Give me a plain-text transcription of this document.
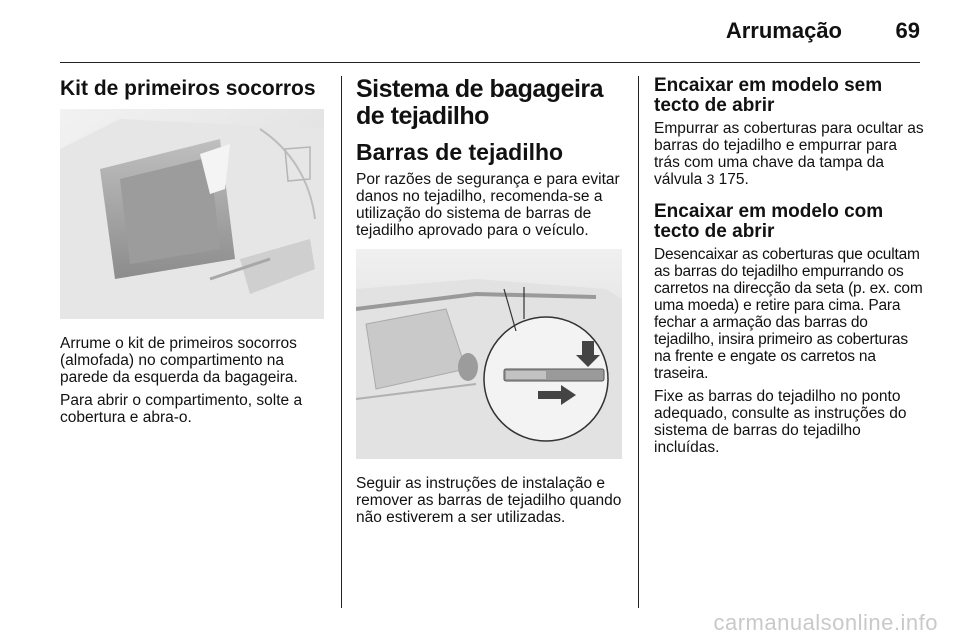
Arrumação 69
Kit de primeiros socorros

Arrume o kit de primeiros socorros (almofada) no compartimento na parede da esquerda da bagageira.

Para abrir o compartimento, solte a cobertura e abra-o.

Sistema de bagageira
de tejadilho
Barras de tejadilho

Por razões de segurança e para evitar danos no tejadilho, recomenda-se a utilização do sistema de barras de tejadilho aprovado para o veículo.

Seguir as instruções de instalação e remover as barras de tejadilho quando não estiverem a ser utilizadas.

Encaixar em modelo sem tecto de abrir

Empurrar as coberturas para ocultar as barras do tejadilho e empurrar para trás com uma chave da tampa da válvula 3 175.

Encaixar em modelo com tecto de abrir

Desencaixar as coberturas que ocultam as barras do tejadilho empurrando os carretos na direcção da seta (p. ex. com uma moeda) e retire para cima. Para fechar a armação das barras do tejadilho, insira primeiro as coberturas na frente e engate os carretos na traseira.

Fixe as barras do tejadilho no ponto adequado, consulte as instruções do sistema de barras do tejadilho incluídas.

carmanualsonline.info
